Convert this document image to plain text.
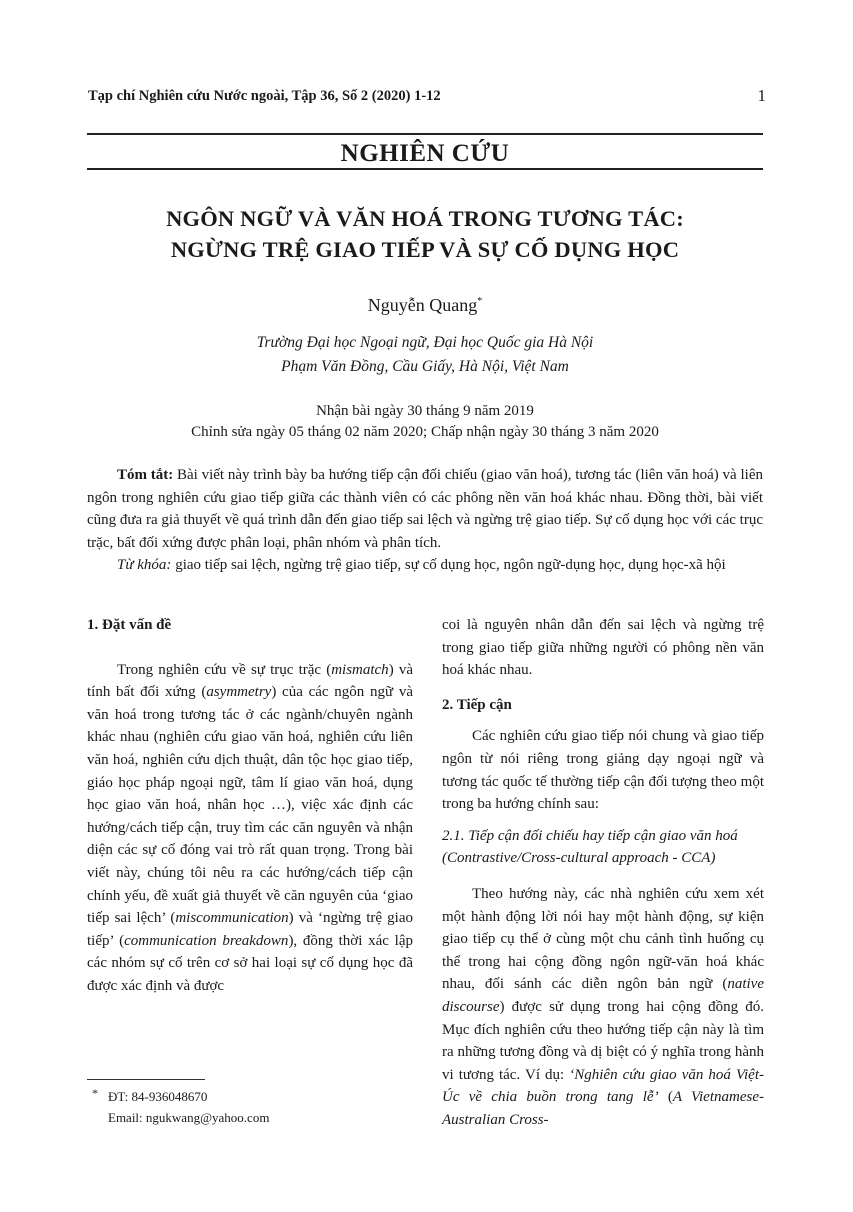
Tạp chí Nghiên cứu Nước ngoài, Tập 36, Số 2 (2020) 1-12	1
NGHIÊN CỨU
NGÔN NGỮ VÀ VĂN HOÁ TRONG TƯƠNG TÁC:
NGỪNG TRỆ GIAO TIẾP VÀ SỰ CỐ DỤNG HỌC
Nguyễn Quang*
Trường Đại học Ngoại ngữ, Đại học Quốc gia Hà Nội
Phạm Văn Đồng, Cầu Giấy, Hà Nội, Việt Nam
Nhận bài ngày 30 tháng 9 năm 2019
Chỉnh sửa ngày 05 tháng 02 năm 2020; Chấp nhận ngày 30 tháng 3 năm 2020

Tóm tắt: Bài viết này trình bày ba hướng tiếp cận đối chiếu (giao văn hoá), tương tác (liên văn hoá) và liên ngôn trong nghiên cứu giao tiếp giữa các thành viên có các phông nền văn hoá khác nhau. Đồng thời, bài viết cũng đưa ra giả thuyết về quá trình dẫn đến giao tiếp sai lệch và ngừng trệ giao tiếp. Sự cố dụng học với các trục trặc, bất đối xứng được phân loại, phân nhóm và phân tích.

Từ khóa: giao tiếp sai lệch, ngừng trệ giao tiếp, sự cố dụng học, ngôn ngữ-dụng học, dụng học-xã hội

1. Đặt vấn đề

Trong nghiên cứu về sự trục trặc (mismatch) và tính bất đối xứng (asymmetry) của các ngôn ngữ và văn hoá trong tương tác ở các ngành/chuyên ngành khác nhau (nghiên cứu giao văn hoá, nghiên cứu liên văn hoá, nghiên cứu dịch thuật, dân tộc học giao tiếp, giáo học pháp ngoại ngữ, tâm lí giao văn hoá, dụng học giao văn hoá, nhân học …), việc xác định các hướng/cách tiếp cận, truy tìm các căn nguyên và nhận diện các sự cố đóng vai trò rất quan trọng. Trong bài viết này, chúng tôi nêu ra các hướng/cách tiếp cận chính yếu, đề xuất giả thuyết về căn nguyên của ‘giao tiếp sai lệch’ (miscommunication) và ‘ngừng trệ giao tiếp’ (communication breakdown), đồng thời xác lập các nhóm sự cố trên cơ sở hai loại sự cố dụng học đã được xác định và được

coi là nguyên nhân dẫn đến sai lệch và ngừng trệ trong giao tiếp giữa những người có phông nền văn hoá khác nhau.

2. Tiếp cận

Các nghiên cứu giao tiếp nói chung và giao tiếp ngôn từ nói riêng trong giảng dạy ngoại ngữ và tương tác quốc tế thường tiếp cận đối tượng theo một trong ba hướng chính sau:

2.1. Tiếp cận đối chiếu hay tiếp cận giao văn hoá
(Contrastive/Cross-cultural approach - CCA)

Theo hướng này, các nhà nghiên cứu xem xét một hành động lời nói hay một hành động, sự kiện giao tiếp cụ thể ở cùng một chu cảnh tình huống cụ thể trong hai cộng đồng ngôn ngữ-văn hoá khác nhau, đối sánh các diễn ngôn bản ngữ (native discourse) được sử dụng trong hai cộng đồng đó. Mục đích nghiên cứu theo hướng tiếp cận này là tìm ra những tương đồng và dị biệt có ý nghĩa trong hành vi tương tác. Ví dụ: ‘Nghiên cứu giao văn hoá Việt-Úc về chia buồn trong tang lễ’ (A Vietnamese-Australian Cross-

* ĐT: 84-936048670
Email: ngukwang@yahoo.com
